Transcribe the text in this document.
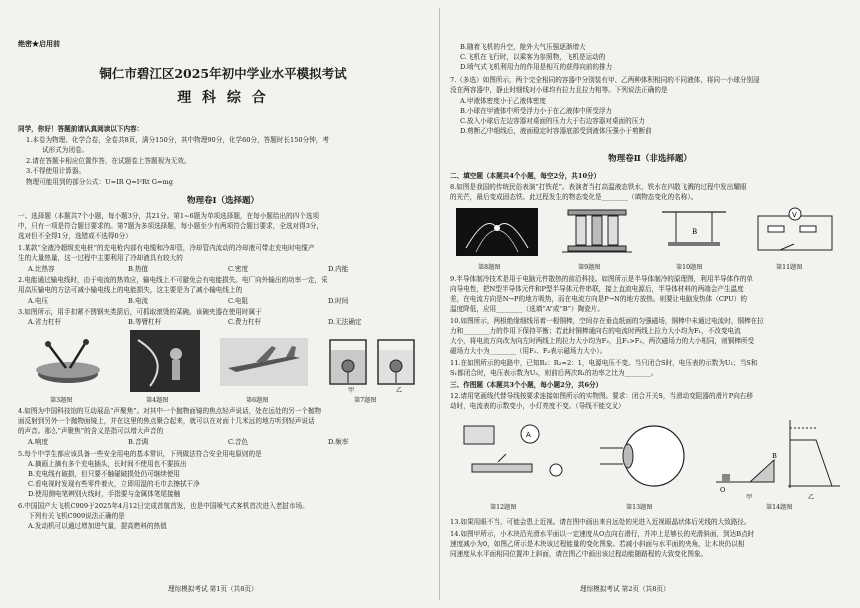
绝密★启用前
铜仁市碧江区2025年初中学业水平模拟考试
理 科 综 合
同学，你好！答题前请认真阅读以下内容：
1.本卷为物理、化学合卷，全卷共8页，满分150分，其中物理90分，化学60分，答题时长150分钟，考
试形式为闭卷。
2.请在答题卡相应位置作答，在试题卷上答题视为无效。
3.不得使用计算器。
物理可能用到的部分公式：U=IR Q=I²Rt G=mg
物理卷Ⅰ（选择题）
一、选择题（本题共7个小题，每小题3分，共21分。第1~6题为单项选择题，在每小题给出的四个选项
中，只有一项是符合题目要求的。第7题为多项选择题，每小题至少有两项符合题目要求，全选对得3分，
选对但不全得1分，选错或不选得0分）
1.某款“全液冷超级充电桩”的充电枪内部有电缆和冷却管，冷却管内流动的冷却液可带走充电时电缆产
生的大量热量，这一过程中主要利用了冷却液具有较大的
A.比热容	B.热值	C.密度	D.内能
2.电能通过输电线时，由于电流的热效应，输电线上不可避免会有电能损失。电厂向外输出的功率一定，采
用高压输电的方法可减小输电线上的电能损失，这主要是为了减小输电线上的
A.电压	B.电流	C.电阻	D.时间
3.如图所示，用手扣紧不锈钢夹类箭后，可抓取滚烫的菜碗。该碗夹器在使用时属于
A.省力杠杆	B.等臂杠杆	C.费力杠杆	D.无法确定
甲	乙
第3题图	第4题图	第6题图	第7题图
4.如图为中国科技馆的互动展品“声聚焦”。对其中一个抛物面镜的焦点轻声说话，处在远处的另一个抛物
面反射到另外一个抛物面镜上，并在这里的焦点聚合起来，就可以在对面十几米远的地方听到轻声说话
的声音。那么“声聚焦”的含义是指可以增大声音的
A.响度	B.音调	C.音色	D.频率
5.每个中学生都应该具备一些安全用电的基本常识，下列做法符合安全用电原则的是
A.摘画上摘有多个充电插头，长时间不使用也不要拔出
B.充电线有破损，但只要不触碰破损处仍可继续使用
C.看电视时发现有些零件着火，立即用湿的毛巾去擦拭干净
D.使用测电笔辨别火线时，手指要与金属体笔尾接触
6.中国国产大飞机C909于2025年4月12日完成首航首发，也是中国喷气式客机首次进入老挝市场。
下列有关飞机C909说法正确的是
A.发动机可以通过增加进气量，提高燃料的热值
理综模拟考试 第1页（共8页）
B.随着飞机的升空，舱外大气压强逐渐增大
C.飞机在飞行时，以乘客为参照物，飞机是运动的
D.喷气式飞机利用力的作用是相互的获得向前的推力
7.（多选）如图所示，两个完全相同的容器中分别装有甲、乙两种体积相同的不同液体，将同一小球分别浸
没在两容器中，静止时细线对小球均有拉力且拉力相等。下列说法正确的是
A.甲液体密度小于乙液体密度
B.小球在甲液体中所受浮力小于在乙液体中所受浮力
C.放入小球后左边容器对桌面的压力大于右边容器对桌面的压力
D.剪断乙中细线后，液面稳定时容器底部受到液体压强小于剪断前
物理卷Ⅱ（非选择题）
二、填空题（本题共4个小题，每空2分，共10分）
8.如图是我国的传统民俗表演“打铁花”。表演者当打高温液态铁水，铁水在四散飞溅的过程中发出耀眼
的光芒，最后变成固态铁。此过程发生的物态变化是________（填物态变化的名称）。
B
V
第8题图	第9题图	第10题图	第11题图
9.半导体制冷技术是用于电脑元件散热的前沿科技。如图所示是半导体制冷的原理图，利用半导体作的单
向导电性，把N型半导体元件和P型半导体元件串联，接上直流电源后，半导体材料的两端会产生温度
差，在电流方向是N→P的地方吸热，而在电流方向是P→N的地方放热。则要让电脑发热体（CPU）的
温度降低，应用________（选填“A”或“B”）陶瓷片。
10.如图所示，两根绝缘细线吊着一根铜棒，空间存在垂直纸面的匀强磁场，铜棒中未通过电流时，铜棒在拉
力和________力的作用下保持平衡；若此时铜棒通向右的电流时两线上拉力大小均为F₁，不改变电流
大小，将电流方向改为向左时两线上的拉力大小均为F₂，且F₁>F₂，两次磁场力的大小相同，则铜棒所受
磁场力大小为________（用F₁、F₂表示磁场力大小）。
11.在如图所示的电路中，已知R₁：R₂=2：1，电源电压不变。当只闭合S时，电压表的示数为U₁；当S和
S₁都闭合时，电压表示数为U₂，则前后两次R₁的功率之比为________。
三、作图题（本题共3个小题，每小题2分，共6分）
12.请用笔画线代替导线按要求连接如图所示的实物图。要求：闭合开关S，当滑动变阻器的滑片P向右移
动时，电流表的示数变小，小灯亮度不变。（导线不能交叉）
A
O
B
甲	乙
第12题图	第13题图	第14题图
13.如果用眼不当，可能会患上近视。请在图中画出来自远处的光进入近视眼晶状体后光线的大致路径。
14.如图甲所示，小木块沿光滑水平面以一定速度从O点向右滑行，并冲上足够长的光滑斜面，到达B点时
速度减小为0，如图乙所示是木块该过程能量的变化图象。若减小斜面与水平面的夹角，让木块仍以相
同速度从水平面相同位置冲上斜面，请在图乙中画出该过程动能随路程的大致变化图象。
理综模拟考试 第2页（共8页）
